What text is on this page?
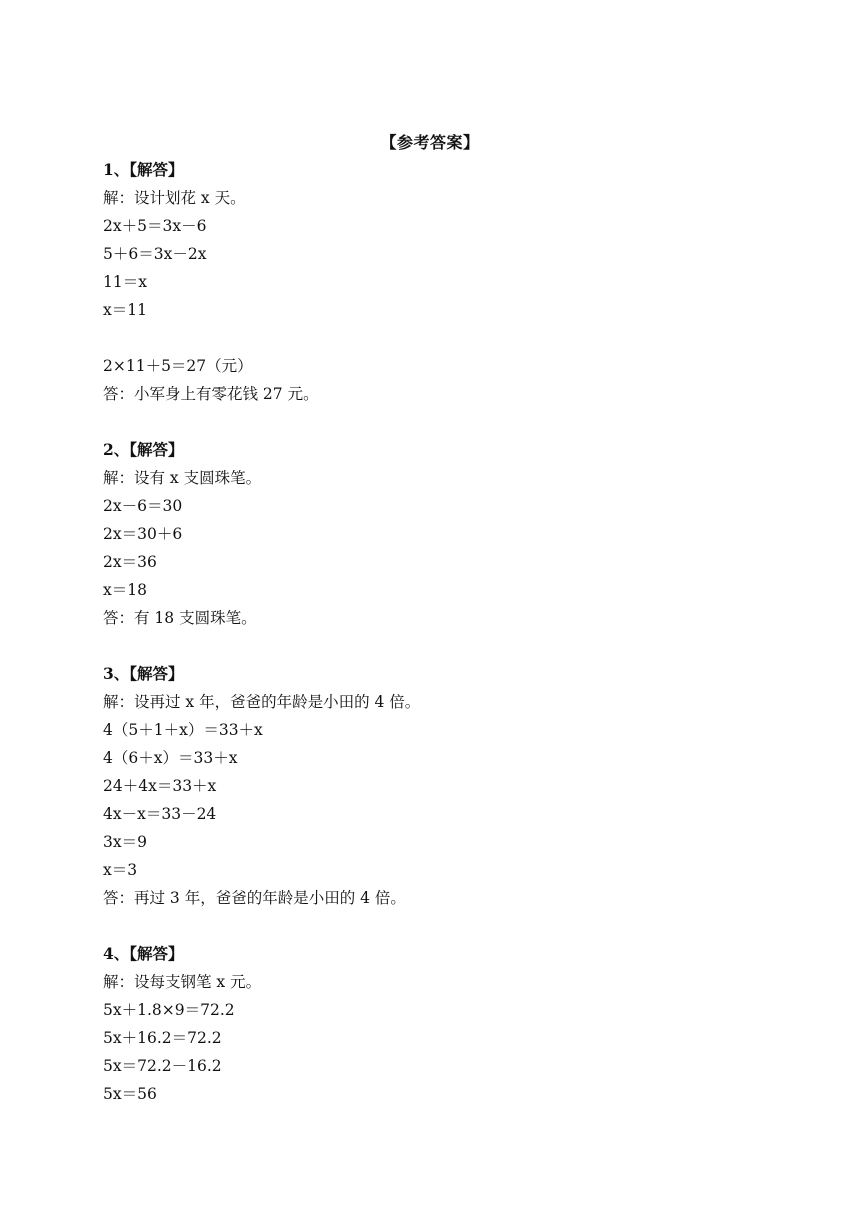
【参考答案】
1、【解答】
解：设计划花 x 天。
2x＋5＝3x－6
5＋6＝3x－2x
11＝x
x＝11
2×11＋5＝27（元）
答：小军身上有零花钱 27 元。
2、【解答】
解：设有 x 支圆珠笔。
2x－6＝30
2x＝30＋6
2x＝36
x＝18
答：有 18 支圆珠笔。
3、【解答】
解：设再过 x 年，爸爸的年龄是小田的 4 倍。
4（5＋1＋x）＝33＋x
4（6＋x）＝33＋x
24＋4x＝33＋x
4x－x＝33－24
3x＝9
x＝3
答：再过 3 年，爸爸的年龄是小田的 4 倍。
4、【解答】
解：设每支钢笔 x 元。
5x＋1.8×9＝72.2
5x＋16.2＝72.2
5x＝72.2－16.2
5x＝56
